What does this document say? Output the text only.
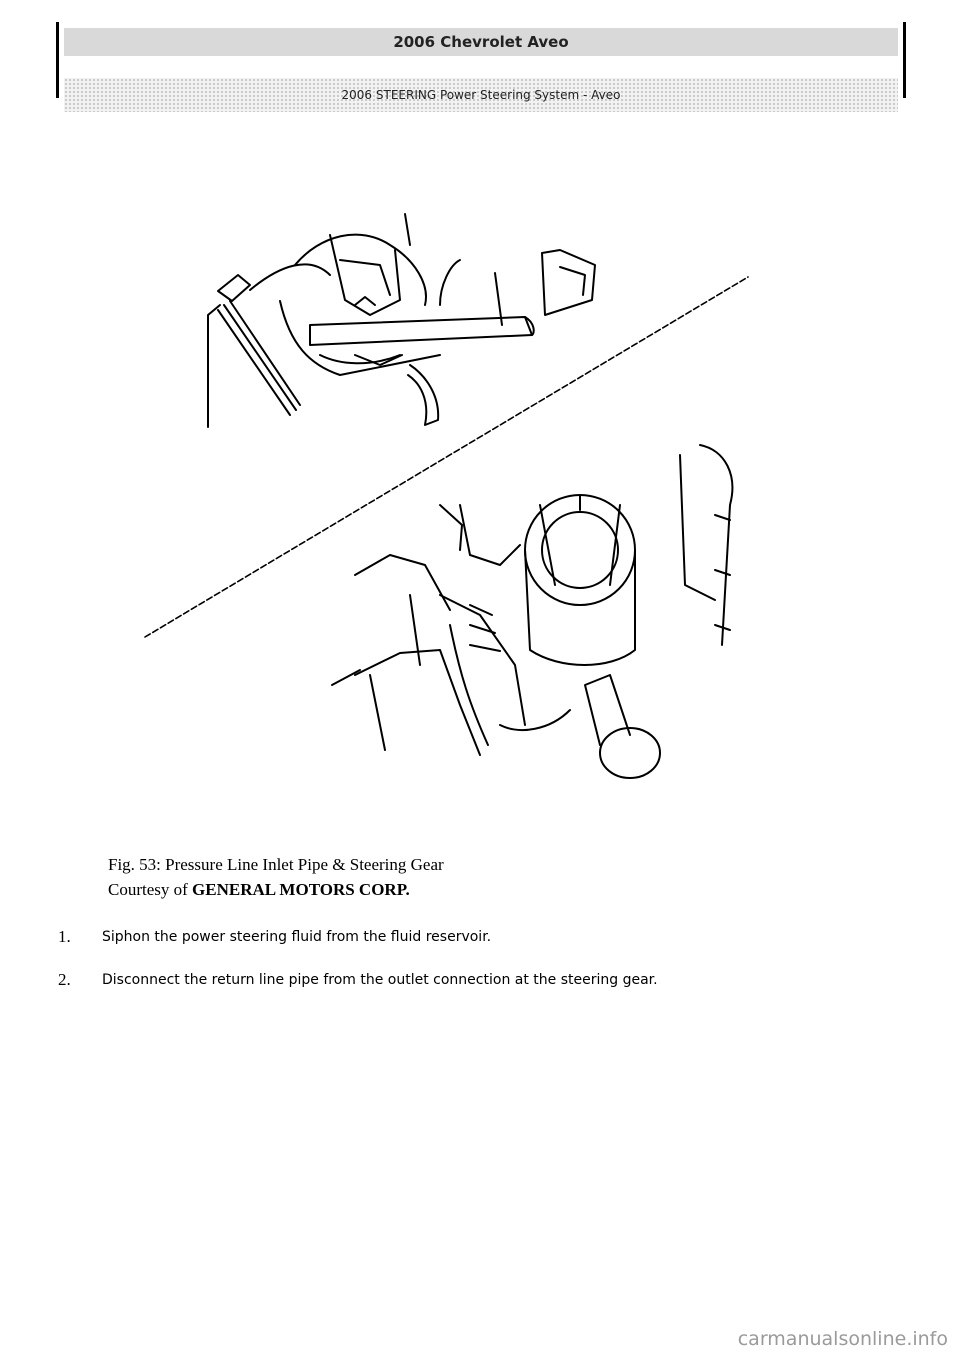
2006 Chevrolet Aveo
2006 STEERING Power Steering System - Aveo
Fig. 53: Pressure Line Inlet Pipe & Steering Gear
Courtesy of GENERAL MOTORS CORP.
1. Siphon the power steering fluid from the fluid reservoir.
2. Disconnect the return line pipe from the outlet connection at the steering gear.
carmanualsonline.info
